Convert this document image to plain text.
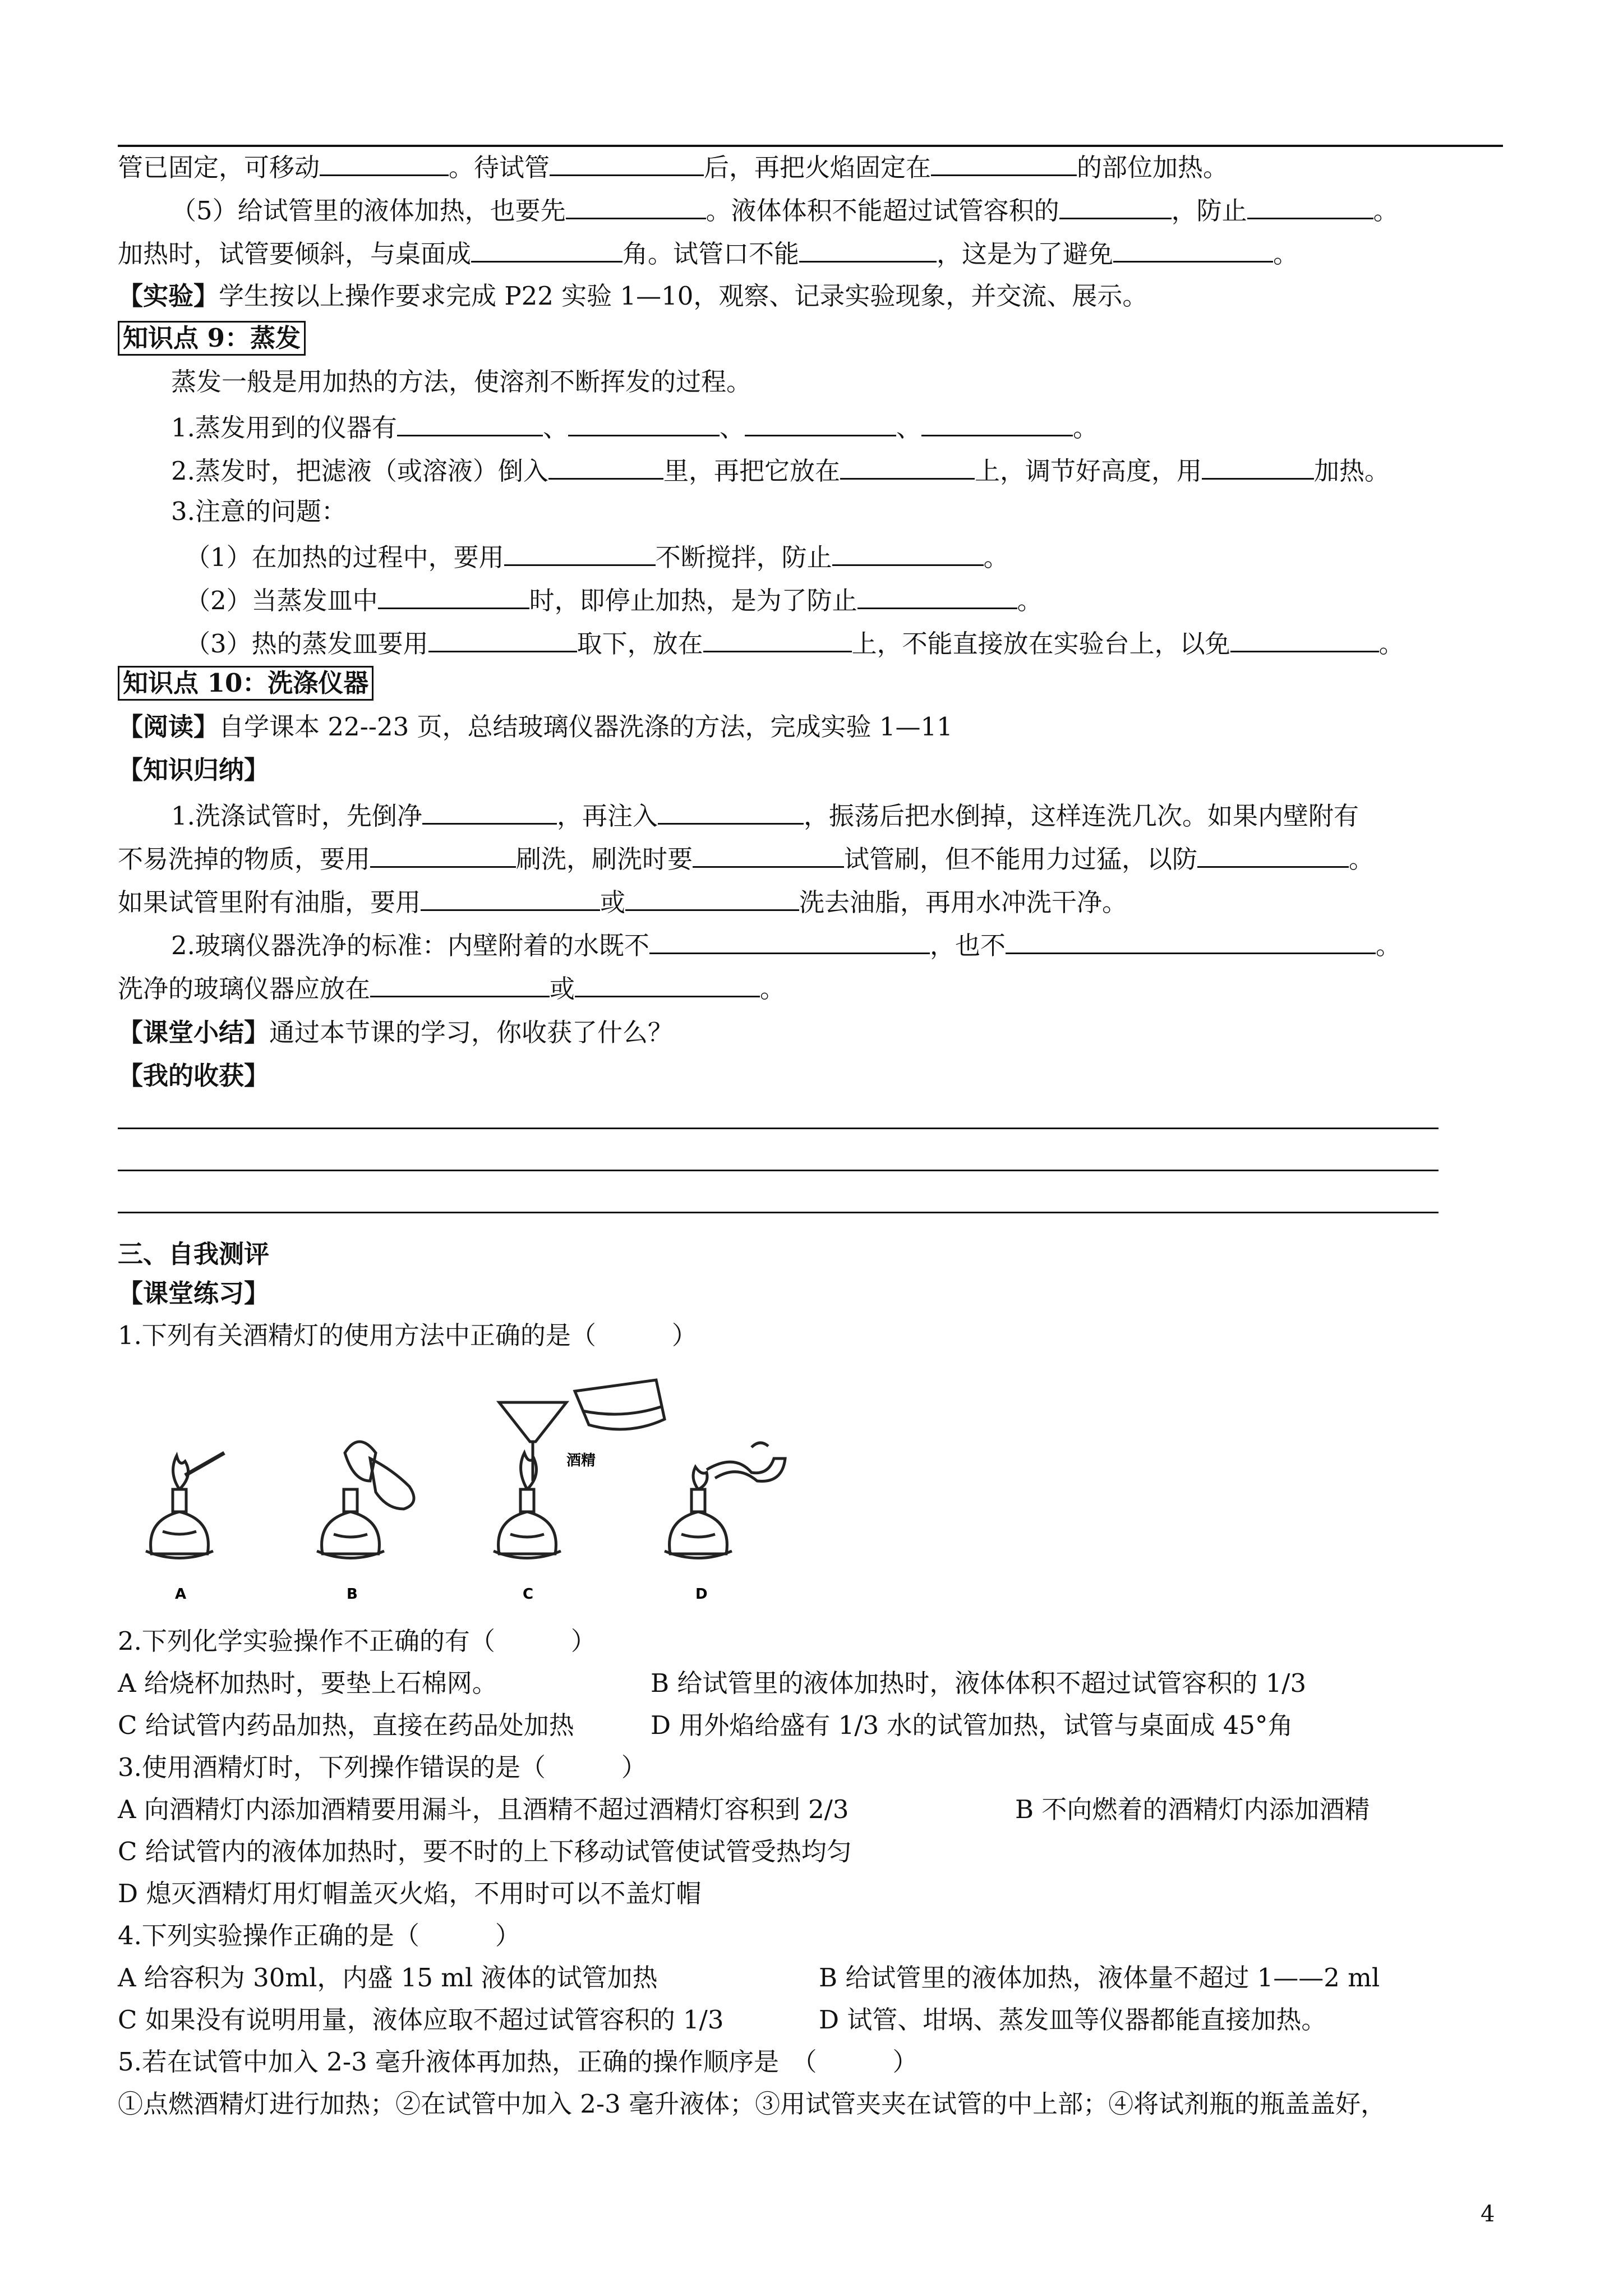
管已固定，可移动	。待试管	后，再把火焰固定在	的部位加热。
（5）给试管里的液体加热，也要先	。液体体积不能超过试管容积的	，防止	。
加热时，试管要倾斜，与桌面成	角。试管口不能	，这是为了避免	。
【实验】学生按以上操作要求完成 P22 实验 1—10，观察、记录实验现象，并交流、展示。
知识点 9：蒸发
蒸发一般是用加热的方法，使溶剂不断挥发的过程。
1.蒸发用到的仪器有	、	、	、	。
2.蒸发时，把滤液（或溶液）倒入	里，再把它放在	上，调节好高度，用	加热。
3.注意的问题：
（1）在加热的过程中，要用	不断搅拌，防止	。
（2）当蒸发皿中	时，即停止加热，是为了防止	。
（3）热的蒸发皿要用	取下，放在	上，不能直接放在实验台上，以免	。
知识点 10：洗涤仪器
【阅读】自学课本 22--23 页，总结玻璃仪器洗涤的方法，完成实验 1—11
【知识归纳】
1.洗涤试管时，先倒净	，再注入	，振荡后把水倒掉，这样连洗几次。如果内壁附有
不易洗掉的物质，要用	刷洗，刷洗时要	试管刷，但不能用力过猛，以防	。
如果试管里附有油脂，要用	或	洗去油脂，再用水冲洗干净。
2.玻璃仪器洗净的标准：内壁附着的水既不	，也不	。
洗净的玻璃仪器应放在	或	。
【课堂小结】通过本节课的学习，你收获了什么？
【我的收获】
三、自我测评
【课堂练习】
1.下列有关酒精灯的使用方法中正确的是（　　　）
酒精
A	B	C	D
2.下列化学实验操作不正确的有（　　　）
A 给烧杯加热时，要垫上石棉网。	B 给试管里的液体加热时，液体体积不超过试管容积的 1/3
C 给试管内药品加热，直接在药品处加热	D 用外焰给盛有 1/3 水的试管加热，试管与桌面成 45°角
3.使用酒精灯时，下列操作错误的是（　　　）
A 向酒精灯内添加酒精要用漏斗，且酒精不超过酒精灯容积到 2/3	B 不向燃着的酒精灯内添加酒精
C 给试管内的液体加热时，要不时的上下移动试管使试管受热均匀
D 熄灭酒精灯用灯帽盖灭火焰，不用时可以不盖灯帽
4.下列实验操作正确的是（　　　）
A 给容积为 30ml，内盛 15 ml 液体的试管加热	B 给试管里的液体加热，液体量不超过 1——2 ml
C 如果没有说明用量，液体应取不超过试管容积的 1/3	D 试管、坩埚、蒸发皿等仪器都能直接加热。
5.若在试管中加入 2-3 毫升液体再加热，正确的操作顺序是　（　　　）
①点燃酒精灯进行加热；②在试管中加入 2-3 毫升液体；③用试管夹夹在试管的中上部；④将试剂瓶的瓶盖盖好，
4
